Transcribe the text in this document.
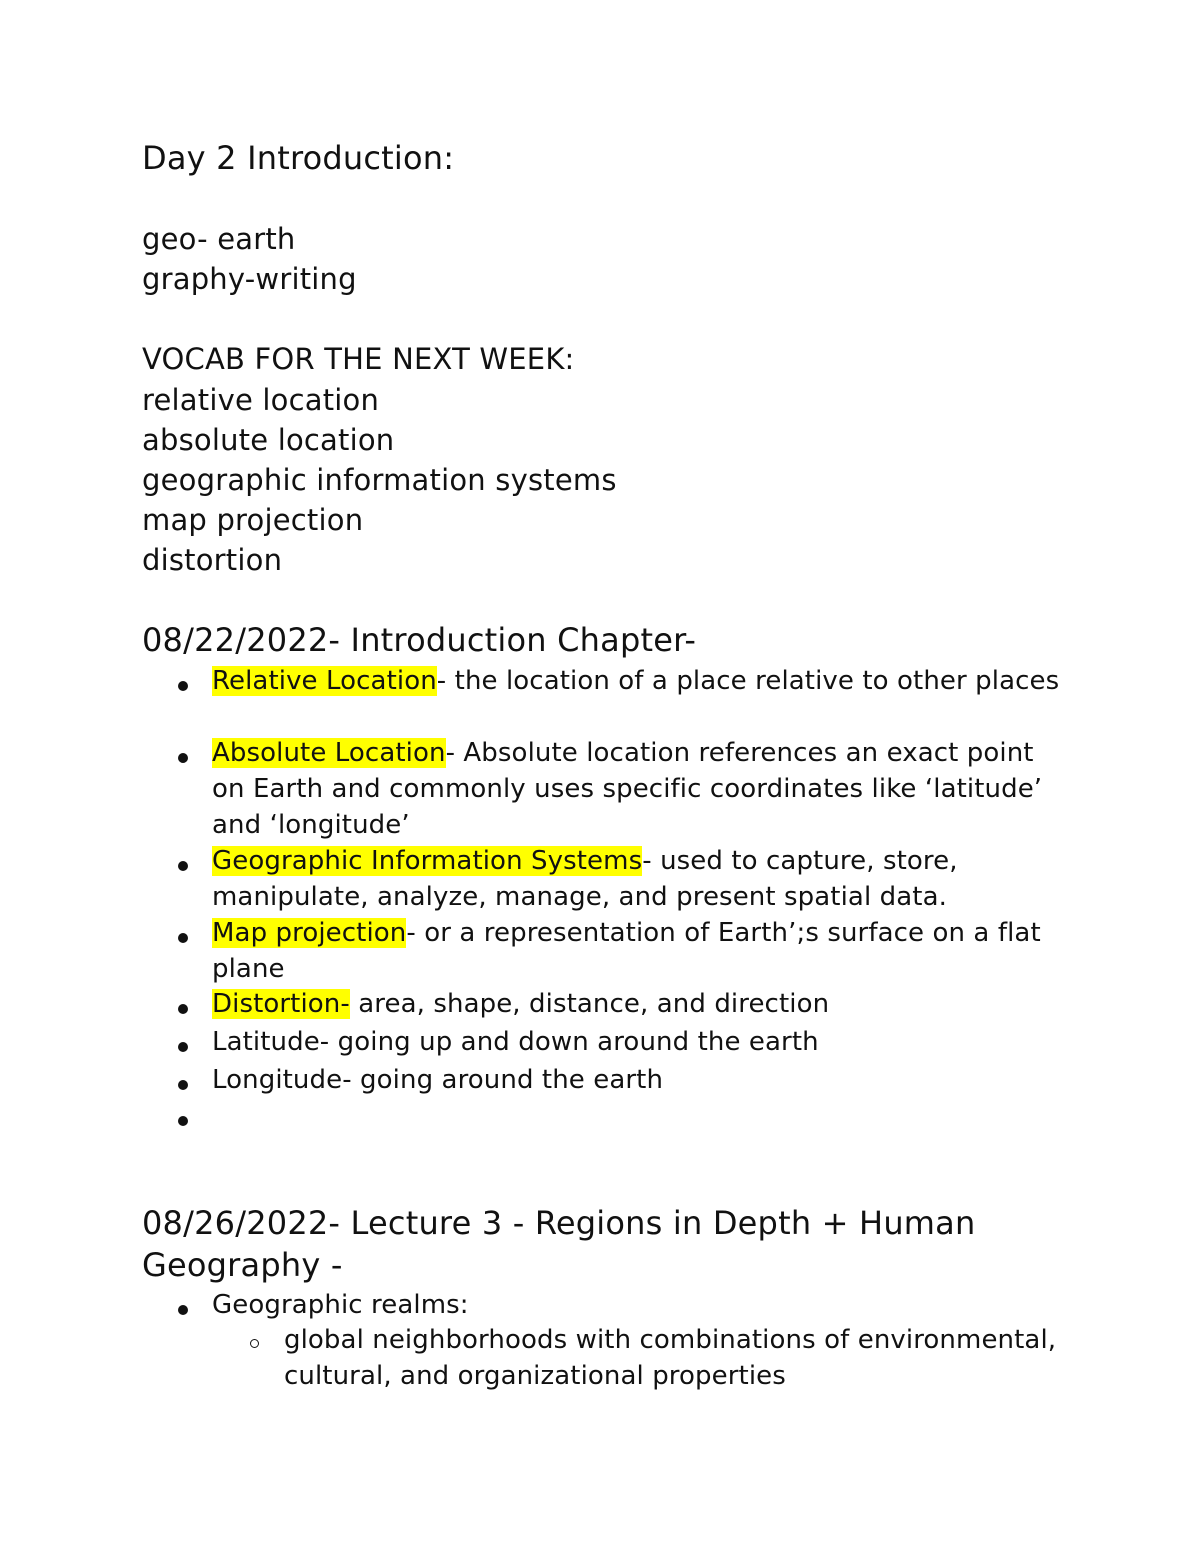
Day 2 Introduction:
geo- earth
graphy-writing
VOCAB FOR THE NEXT WEEK:
relative location
absolute location
geographic information systems
map projection
distortion
08/22/2022- Introduction Chapter-
Relative Location- the location of a place relative to other places
Absolute Location- Absolute location references an exact point on Earth and commonly uses specific coordinates like ‘latitude’ and ‘longitude’
Geographic Information Systems- used to capture, store, manipulate, analyze, manage, and present spatial data.
Map projection- or a representation of Earth’;s surface on a flat plane
Distortion- area, shape, distance, and direction
Latitude- going up and down around the earth
Longitude- going around the earth
08/26/2022- Lecture 3 - Regions in Depth + Human
Geography -
Geographic realms:
global neighborhoods with combinations of environmental, cultural, and organizational properties
